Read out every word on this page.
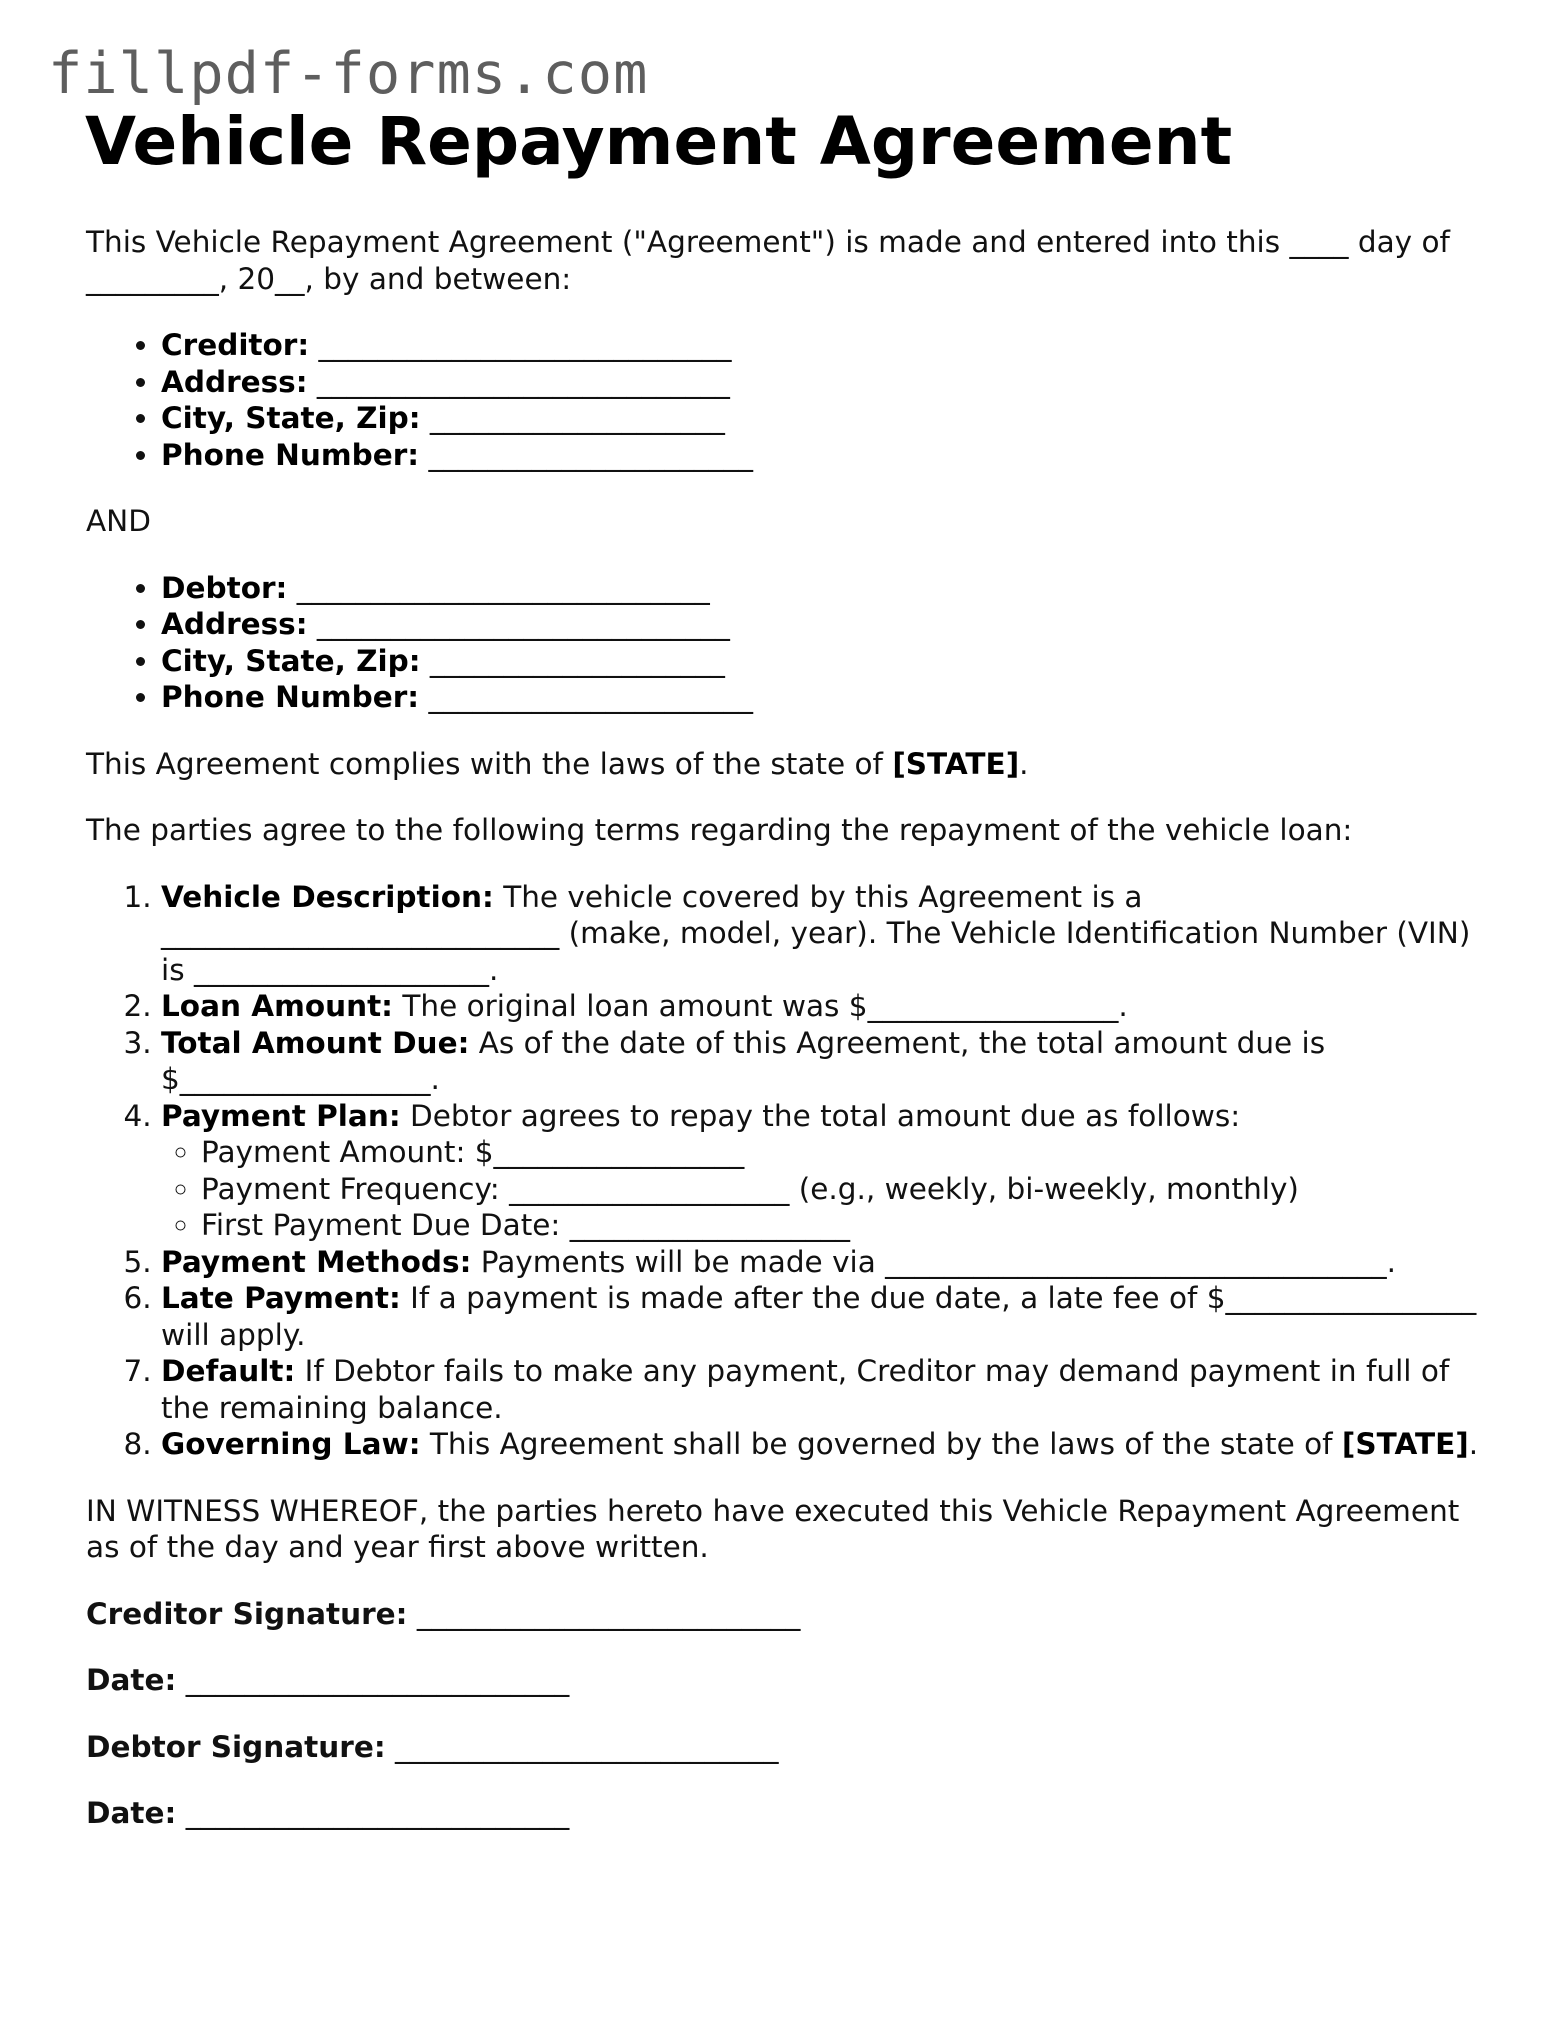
fillpdf-forms.com
Vehicle Repayment Agreement

This Vehicle Repayment Agreement ("Agreement") is made and entered into this ____ day of _________, 20__, by and between:

• Creditor: ____________________________
• Address: ____________________________
• City, State, Zip: ____________________
• Phone Number: ______________________

AND

• Debtor: ____________________________
• Address: ____________________________
• City, State, Zip: ____________________
• Phone Number: ______________________

This Agreement complies with the laws of the state of [STATE].

The parties agree to the following terms regarding the repayment of the vehicle loan:

1. Vehicle Description: The vehicle covered by this Agreement is a ___________________________ (make, model, year). The Vehicle Identification Number (VIN) is ____________________.
2. Loan Amount: The original loan amount was $_________________.
3. Total Amount Due: As of the date of this Agreement, the total amount due is $_________________.
4. Payment Plan: Debtor agrees to repay the total amount due as follows:
◦ Payment Amount: $_________________
◦ Payment Frequency: ___________________ (e.g., weekly, bi-weekly, monthly)
◦ First Payment Due Date: ___________________
5. Payment Methods: Payments will be made via __________________________________.
6. Late Payment: If a payment is made after the due date, a late fee of $_________________ will apply.
7. Default: If Debtor fails to make any payment, Creditor may demand payment in full of the remaining balance.
8. Governing Law: This Agreement shall be governed by the laws of the state of [STATE].

IN WITNESS WHEREOF, the parties hereto have executed this Vehicle Repayment Agreement as of the day and year first above written.

Creditor Signature: __________________________
Date: __________________________
Debtor Signature: __________________________
Date: __________________________
